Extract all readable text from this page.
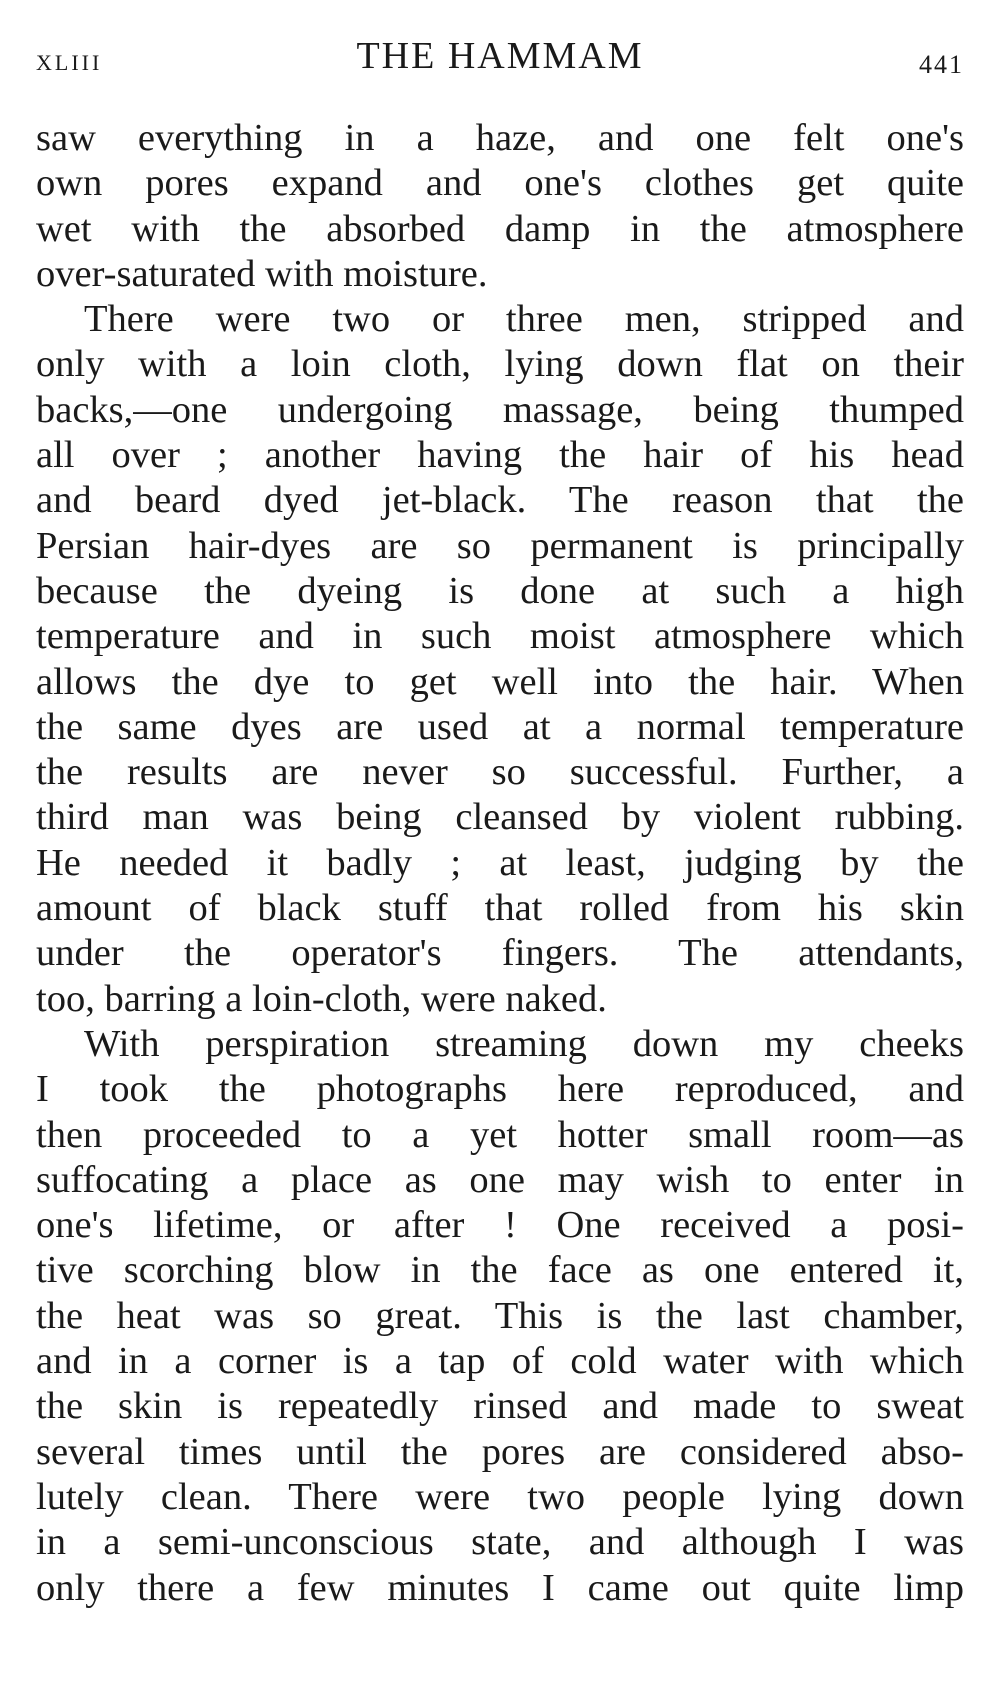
XLIII	THE HAMMAM	441
saw everything in a haze, and one felt one's
own pores expand and one's clothes get quite
wet with the absorbed damp in the atmosphere
over-saturated with moisture.
There were two or three men, stripped and
only with a loin cloth, lying down flat on their
backs,—one undergoing massage, being thumped
all over ; another having the hair of his head
and beard dyed jet-black. The reason that the
Persian hair-dyes are so permanent is principally
because the dyeing is done at such a high
temperature and in such moist atmosphere which
allows the dye to get well into the hair. When
the same dyes are used at a normal temperature
the results are never so successful. Further, a
third man was being cleansed by violent rubbing.
He needed it badly ; at least, judging by the
amount of black stuff that rolled from his skin
under the operator's fingers. The attendants,
too, barring a loin-cloth, were naked.
With perspiration streaming down my cheeks
I took the photographs here reproduced, and
then proceeded to a yet hotter small room—as
suffocating a place as one may wish to enter in
one's lifetime, or after ! One received a posi-
tive scorching blow in the face as one entered it,
the heat was so great. This is the last chamber,
and in a corner is a tap of cold water with which
the skin is repeatedly rinsed and made to sweat
several times until the pores are considered abso-
lutely clean. There were two people lying down
in a semi-unconscious state, and although I was
only there a few minutes I came out quite limp
